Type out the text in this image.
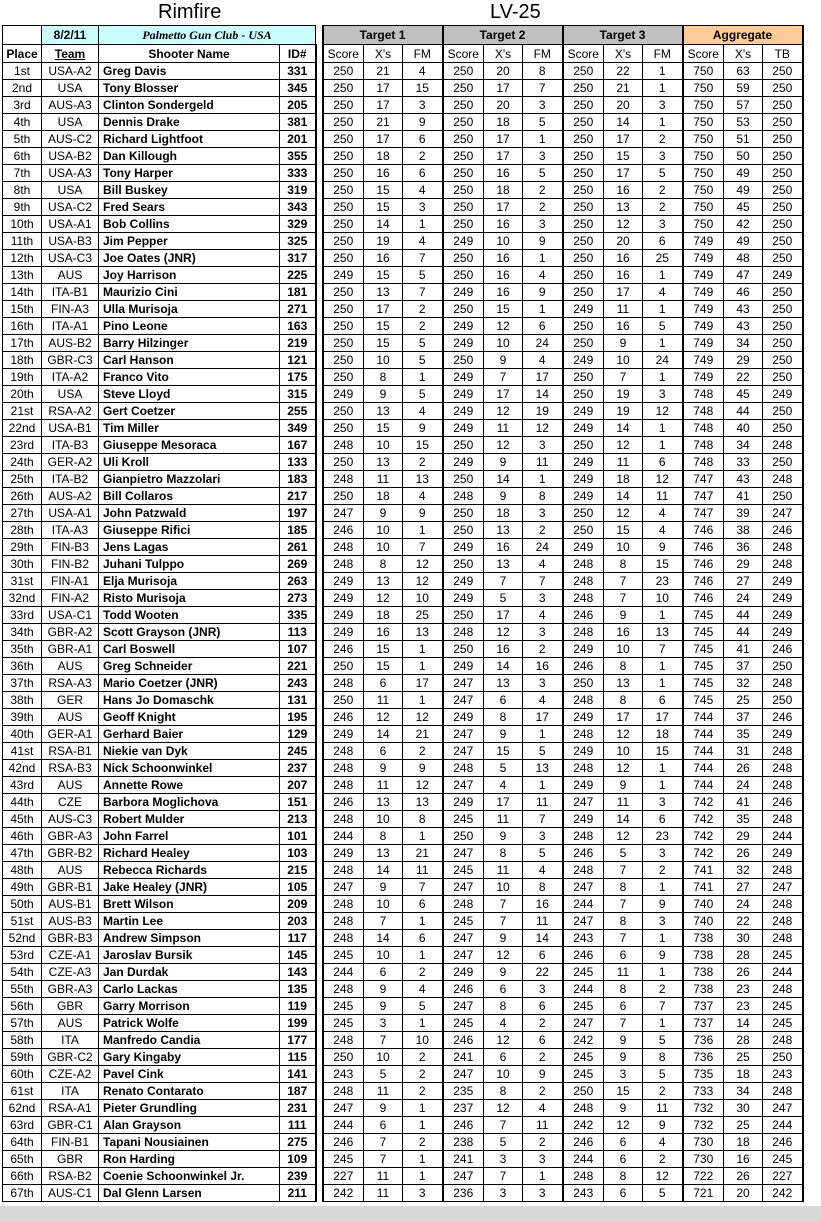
Rimfire	LV-25
	8/2/11	Palmetto Gun Club - USA			Target 1			Target 2			Target 3			Aggregate		
Place	Team	Shooter Name	ID#		Score	X's	FM	Score	X's	FM	Score	X's	FM	Score	X's	TB
1st	USA-A2	Greg Davis	331		250	21	4	250	20	8	250	22	1	750	63	250
2nd	USA	Tony Blosser	345		250	17	15	250	17	7	250	21	1	750	59	250
3rd	AUS-A3	Clinton Sondergeld	205		250	17	3	250	20	3	250	20	3	750	57	250
4th	USA	Dennis Drake	381		250	21	9	250	18	5	250	14	1	750	53	250
5th	AUS-C2	Richard Lightfoot	201		250	17	6	250	17	1	250	17	2	750	51	250
6th	USA-B2	Dan Killough	355		250	18	2	250	17	3	250	15	3	750	50	250
7th	USA-A3	Tony Harper	333		250	16	6	250	16	5	250	17	5	750	49	250
8th	USA	Bill Buskey	319		250	15	4	250	18	2	250	16	2	750	49	250
9th	USA-C2	Fred Sears	343		250	15	3	250	17	2	250	13	2	750	45	250
10th	USA-A1	Bob Collins	329		250	14	1	250	16	3	250	12	3	750	42	250
11th	USA-B3	Jim Pepper	325		250	19	4	249	10	9	250	20	6	749	49	250
12th	USA-C3	Joe Oates (JNR)	317		250	16	7	250	16	1	250	16	25	749	48	250
13th	AUS	Joy Harrison	225		249	15	5	250	16	4	250	16	1	749	47	249
14th	ITA-B1	Maurizio Cini	181		250	13	7	249	16	9	250	17	4	749	46	250
15th	FIN-A3	Ulla Murisoja	271		250	17	2	250	15	1	249	11	1	749	43	250
16th	ITA-A1	Pino Leone	163		250	15	2	249	12	6	250	16	5	749	43	250
17th	AUS-B2	Barry Hilzinger	219		250	15	5	249	10	24	250	9	1	749	34	250
18th	GBR-C3	Carl Hanson	121		250	10	5	250	9	4	249	10	24	749	29	250
19th	ITA-A2	Franco Vito	175		250	8	1	249	7	17	250	7	1	749	22	250
20th	USA	Steve Lloyd	315		249	9	5	249	17	14	250	19	3	748	45	249
21st	RSA-A2	Gert Coetzer	255		250	13	4	249	12	19	249	19	12	748	44	250
22nd	USA-B1	Tim Miller	349		250	15	9	249	11	12	249	14	1	748	40	250
23rd	ITA-B3	Giuseppe Mesoraca	167		248	10	15	250	12	3	250	12	1	748	34	248
24th	GER-A2	Uli Kroll	133		250	13	2	249	9	11	249	11	6	748	33	250
25th	ITA-B2	Gianpietro Mazzolari	183		248	11	13	250	14	1	249	18	12	747	43	248
26th	AUS-A2	Bill Collaros	217		250	18	4	248	9	8	249	14	11	747	41	250
27th	USA-A1	John Patzwald	197		247	9	9	250	18	3	250	12	4	747	39	247
28th	ITA-A3	Giuseppe Rifici	185		246	10	1	250	13	2	250	15	4	746	38	246
29th	FIN-B3	Jens Lagas	261		248	10	7	249	16	24	249	10	9	746	36	248
30th	FIN-B2	Juhani Tulppo	269		248	8	12	250	13	4	248	8	15	746	29	248
31st	FIN-A1	Elja Murisoja	263		249	13	12	249	7	7	248	7	23	746	27	249
32nd	FIN-A2	Risto Murisoja	273		249	12	10	249	5	3	248	7	10	746	24	249
33rd	USA-C1	Todd Wooten	335		249	18	25	250	17	4	246	9	1	745	44	249
34th	GBR-A2	Scott Grayson (JNR)	113		249	16	13	248	12	3	248	16	13	745	44	249
35th	GBR-A1	Carl Boswell	107		246	15	1	250	16	2	249	10	7	745	41	246
36th	AUS	Greg Schneider	221		250	15	1	249	14	16	246	8	1	745	37	250
37th	RSA-A3	Mario Coetzer (JNR)	243		248	6	17	247	13	3	250	13	1	745	32	248
38th	GER	Hans Jo Domaschk	131		250	11	1	247	6	4	248	8	6	745	25	250
39th	AUS	Geoff Knight	195		246	12	12	249	8	17	249	17	17	744	37	246
40th	GER-A1	Gerhard Baier	129		249	14	21	247	9	1	248	12	18	744	35	249
41st	RSA-B1	Niekie van Dyk	245		248	6	2	247	15	5	249	10	15	744	31	248
42nd	RSA-B3	Nick Schoonwinkel	237		248	9	9	248	5	13	248	12	1	744	26	248
43rd	AUS	Annette Rowe	207		248	11	12	247	4	1	249	9	1	744	24	248
44th	CZE	Barbora Moglichova	151		246	13	13	249	17	11	247	11	3	742	41	246
45th	AUS-C3	Robert Mulder	213		248	10	8	245	11	7	249	14	6	742	35	248
46th	GBR-A3	John Farrel	101		244	8	1	250	9	3	248	12	23	742	29	244
47th	GBR-B2	Richard Healey	103		249	13	21	247	8	5	246	5	3	742	26	249
48th	AUS	Rebecca Richards	215		248	14	11	245	11	4	248	7	2	741	32	248
49th	GBR-B1	Jake Healey (JNR)	105		247	9	7	247	10	8	247	8	1	741	27	247
50th	AUS-B1	Brett Wilson	209		248	10	6	248	7	16	244	7	9	740	24	248
51st	AUS-B3	Martin Lee	203		248	7	1	245	7	11	247	8	3	740	22	248
52nd	GBR-B3	Andrew Simpson	117		248	14	6	247	9	14	243	7	1	738	30	248
53rd	CZE-A1	Jaroslav Bursik	145		245	10	1	247	12	6	246	6	9	738	28	245
54th	CZE-A3	Jan Durdak	143		244	6	2	249	9	22	245	11	1	738	26	244
55th	GBR-A3	Carlo Lackas	135		248	9	4	246	6	3	244	8	2	738	23	248
56th	GBR	Garry Morrison	119		245	9	5	247	8	6	245	6	7	737	23	245
57th	AUS	Patrick Wolfe	199		245	3	1	245	4	2	247	7	1	737	14	245
58th	ITA	Manfredo Candia	177		248	7	10	246	12	6	242	9	5	736	28	248
59th	GBR-C2	Gary Kingaby	115		250	10	2	241	6	2	245	9	8	736	25	250
60th	CZE-A2	Pavel Cink	141		243	5	2	247	10	9	245	3	5	735	18	243
61st	ITA	Renato Contarato	187		248	11	2	235	8	2	250	15	2	733	34	248
62nd	RSA-A1	Pieter Grundling	231		247	9	1	237	12	4	248	9	11	732	30	247
63rd	GBR-C1	Alan Grayson	111		244	6	1	246	7	11	242	12	9	732	25	244
64th	FIN-B1	Tapani Nousiainen	275		246	7	2	238	5	2	246	6	4	730	18	246
65th	GBR	Ron Harding	109		245	7	1	241	3	3	244	6	2	730	16	245
66th	RSA-B2	Coenie Schoonwinkel Jr.	239		227	11	1	247	7	1	248	8	12	722	26	227
67th	AUS-C1	Dal Glenn Larsen	211		242	11	3	236	3	3	243	6	5	721	20	242
